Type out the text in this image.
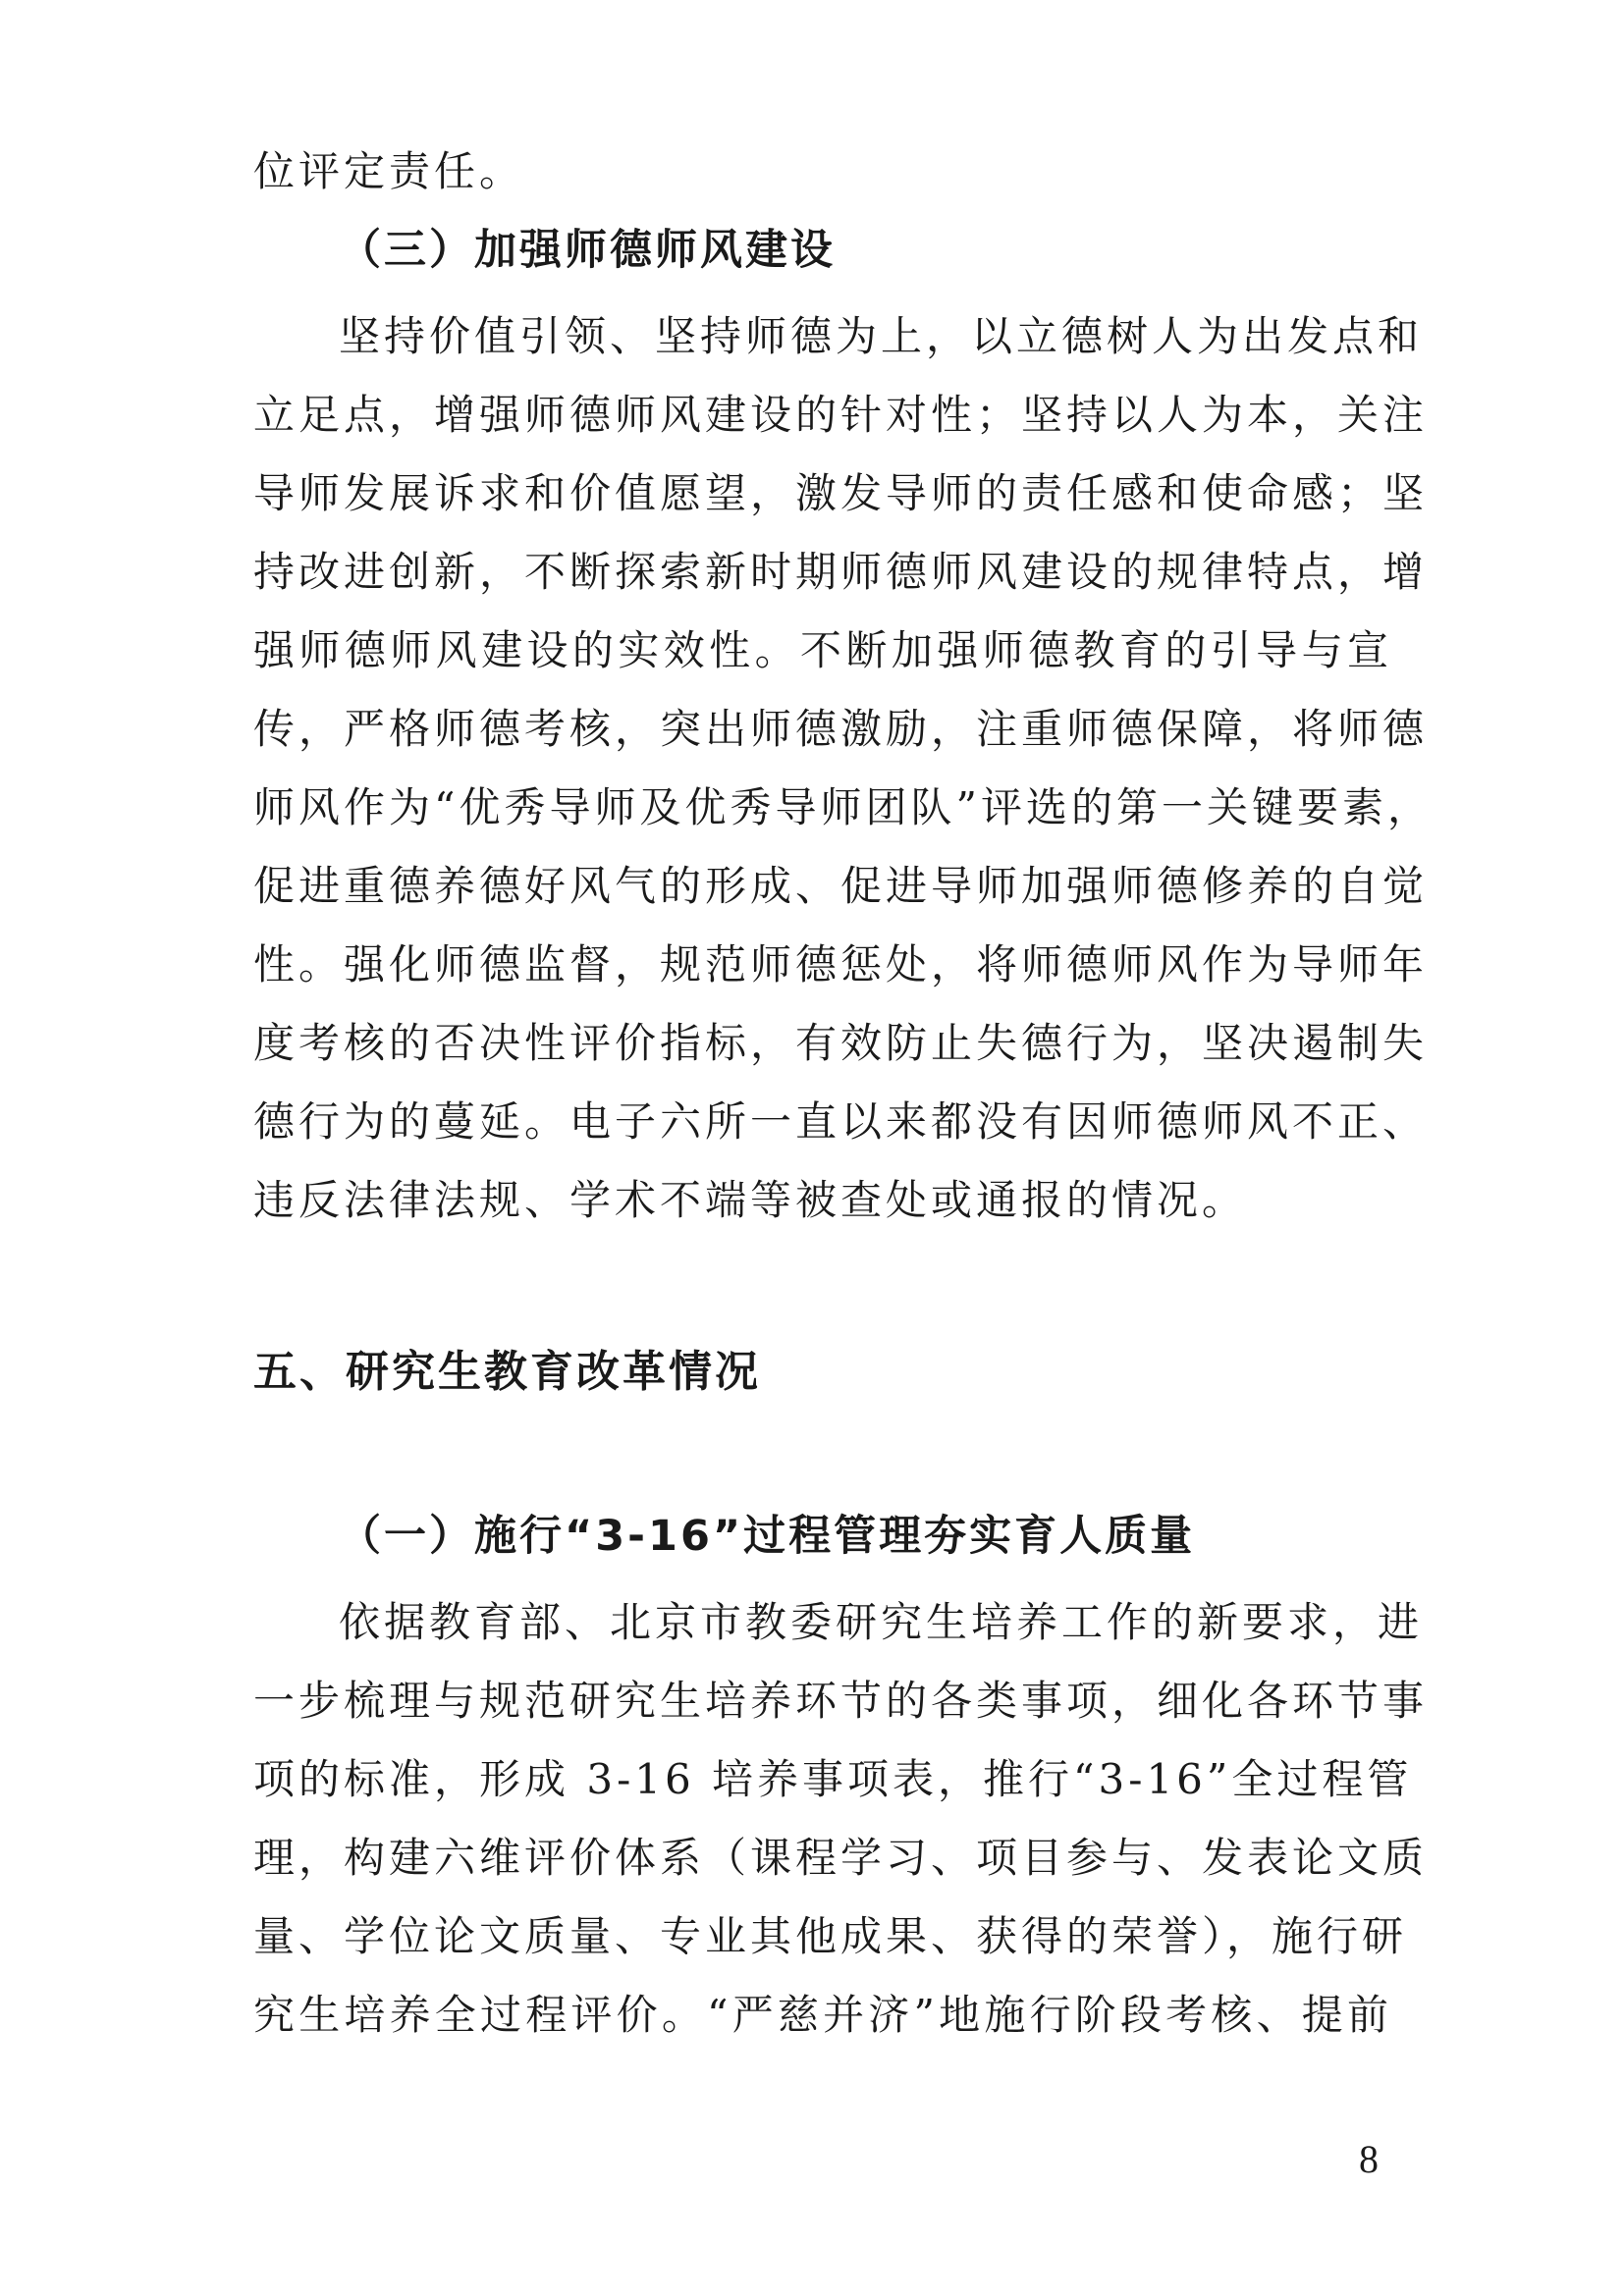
位评定责任。
（三）加强师德师风建设
坚持价值引领、坚持师德为上，以立德树人为出发点和
立足点，增强师德师风建设的针对性；坚持以人为本，关注
导师发展诉求和价值愿望，激发导师的责任感和使命感；坚
持改进创新，不断探索新时期师德师风建设的规律特点，增
强师德师风建设的实效性。不断加强师德教育的引导与宣
传，严格师德考核，突出师德激励，注重师德保障，将师德
师风作为“优秀导师及优秀导师团队”评选的第一关键要素，
促进重德养德好风气的形成、促进导师加强师德修养的自觉
性。强化师德监督，规范师德惩处，将师德师风作为导师年
度考核的否决性评价指标，有效防止失德行为，坚决遏制失
德行为的蔓延。电子六所一直以来都没有因师德师风不正、
违反法律法规、学术不端等被查处或通报的情况。
五、研究生教育改革情况
（一）施行“3-16”过程管理夯实育人质量
依据教育部、北京市教委研究生培养工作的新要求，进
一步梳理与规范研究生培养环节的各类事项，细化各环节事
项的标准，形成 3-16 培养事项表，推行“3-16”全过程管
理，构建六维评价体系（课程学习、项目参与、发表论文质
量、学位论文质量、专业其他成果、获得的荣誉），施行研
究生培养全过程评价。“严慈并济”地施行阶段考核、提前
8
